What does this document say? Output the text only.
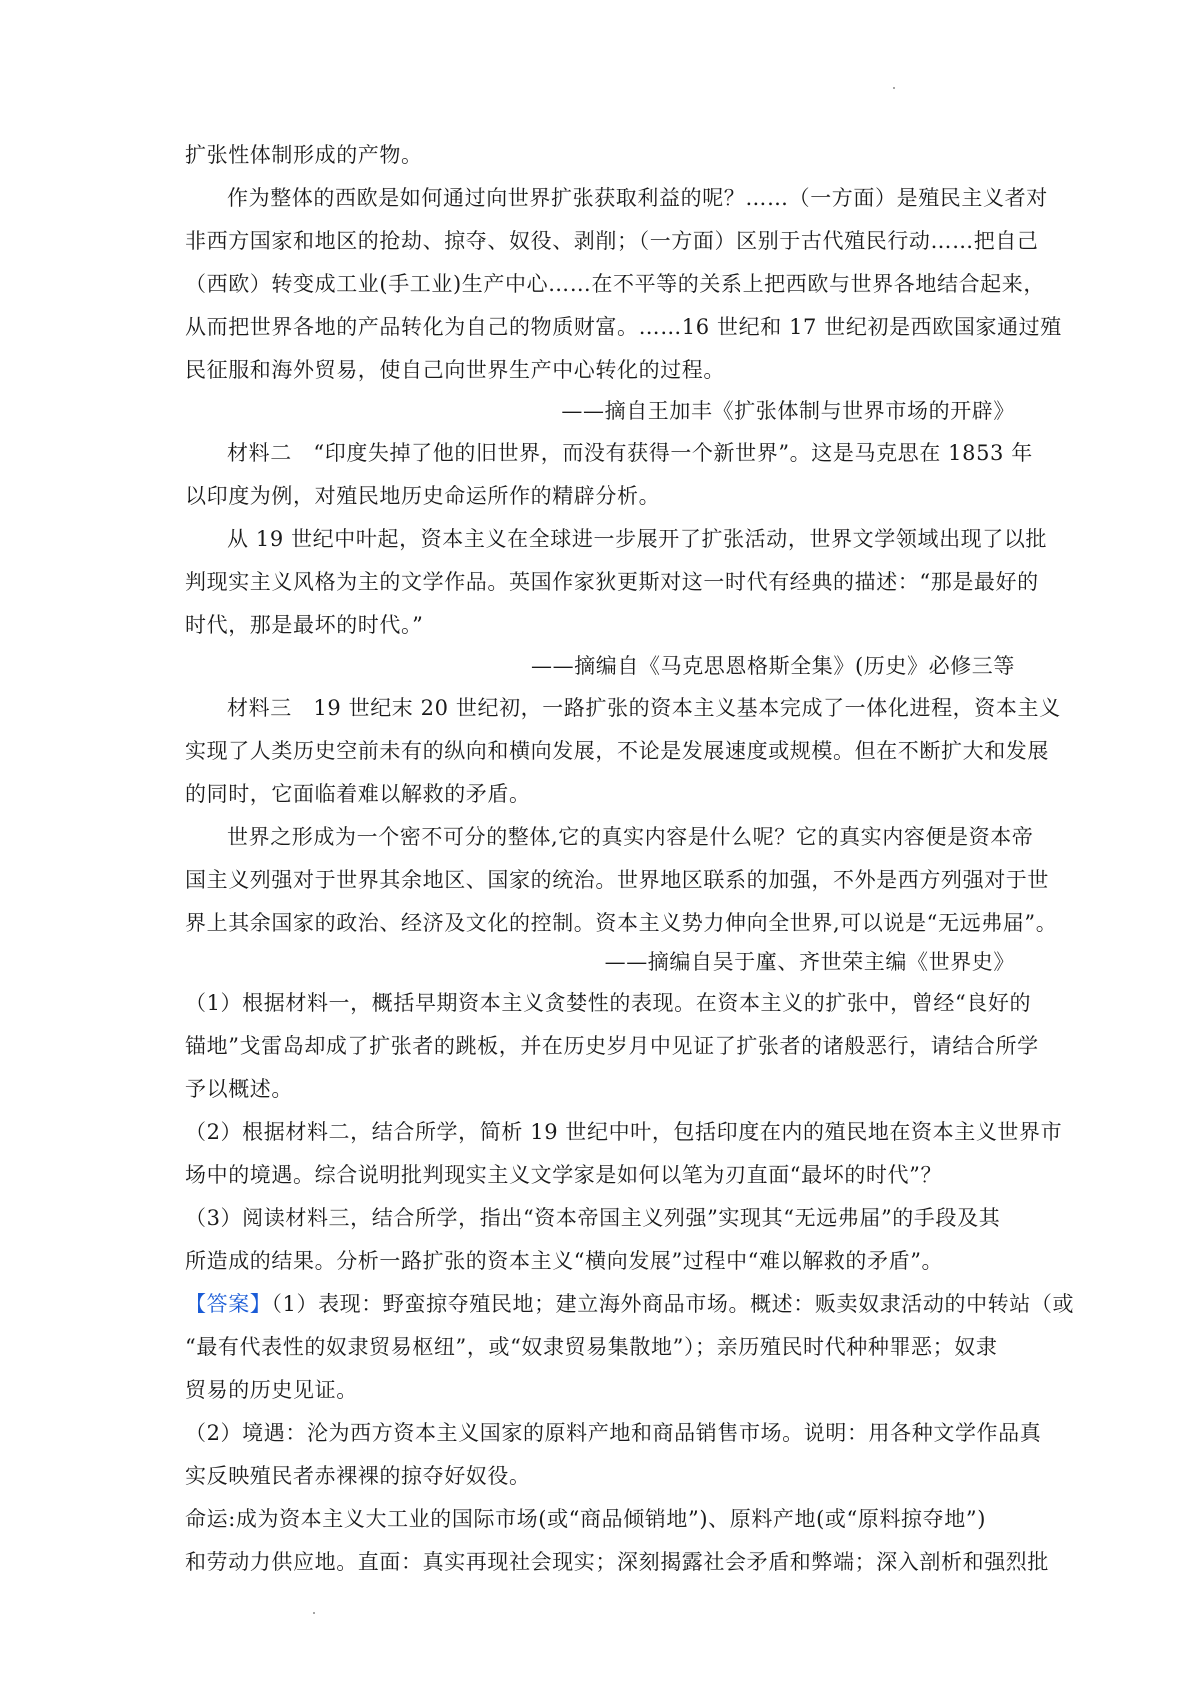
扩张性体制形成的产物。
作为整体的西欧是如何通过向世界扩张获取利益的呢？……（一方面）是殖民主义者对
非西方国家和地区的抢劫、掠夺、奴役、剥削；（一方面）区别于古代殖民行动……把自己
（西欧）转变成工业(手工业)生产中心……在不平等的关系上把西欧与世界各地结合起来，
从而把世界各地的产品转化为自己的物质财富。……16 世纪和 17 世纪初是西欧国家通过殖
民征服和海外贸易，使自己向世界生产中心转化的过程。
——摘自王加丰《扩张体制与世界市场的开辟》
材料二　“印度失掉了他的旧世界，而没有获得一个新世界”。这是马克思在 1853 年
以印度为例，对殖民地历史命运所作的精辟分析。
从 19 世纪中叶起，资本主义在全球进一步展开了扩张活动，世界文学领域出现了以批
判现实主义风格为主的文学作品。英国作家狄更斯对这一时代有经典的描述：“那是最好的
时代，那是最坏的时代。”
——摘编自《马克思恩格斯全集》(历史》必修三等
材料三　19 世纪末 20 世纪初，一路扩张的资本主义基本完成了一体化进程，资本主义
实现了人类历史空前未有的纵向和横向发展，不论是发展速度或规模。但在不断扩大和发展
的同时，它面临着难以解救的矛盾。
世界之形成为一个密不可分的整体,它的真实内容是什么呢？它的真实内容便是资本帝
国主义列强对于世界其余地区、国家的统治。世界地区联系的加强，不外是西方列强对于世
界上其余国家的政治、经济及文化的控制。资本主义势力伸向全世界,可以说是“无远弗届”。
——摘编自吴于廑、齐世荣主编《世界史》
（1）根据材料一，概括早期资本主义贪婪性的表现。在资本主义的扩张中，曾经“良好的
锚地”戈雷岛却成了扩张者的跳板，并在历史岁月中见证了扩张者的诸般恶行，请结合所学
予以概述。
（2）根据材料二，结合所学，简析 19 世纪中叶，包括印度在内的殖民地在资本主义世界市
场中的境遇。综合说明批判现实主义文学家是如何以笔为刃直面“最坏的时代”？
（3）阅读材料三，结合所学，指出“资本帝国主义列强”实现其“无远弗届”的手段及其
所造成的结果。分析一路扩张的资本主义“横向发展”过程中“难以解救的矛盾”。
【答案】（1）表现：野蛮掠夺殖民地；建立海外商品市场。概述：贩卖奴隶活动的中转站（或
“最有代表性的奴隶贸易枢纽”，或“奴隶贸易集散地”）；亲历殖民时代种种罪恶；奴隶
贸易的历史见证。
（2）境遇：沦为西方资本主义国家的原料产地和商品销售市场。说明：用各种文学作品真
实反映殖民者赤裸裸的掠夺好奴役。
命运:成为资本主义大工业的国际市场(或“商品倾销地”)、原料产地(或“原料掠夺地”)
和劳动力供应地。直面：真实再现社会现实；深刻揭露社会矛盾和弊端；深入剖析和强烈批
